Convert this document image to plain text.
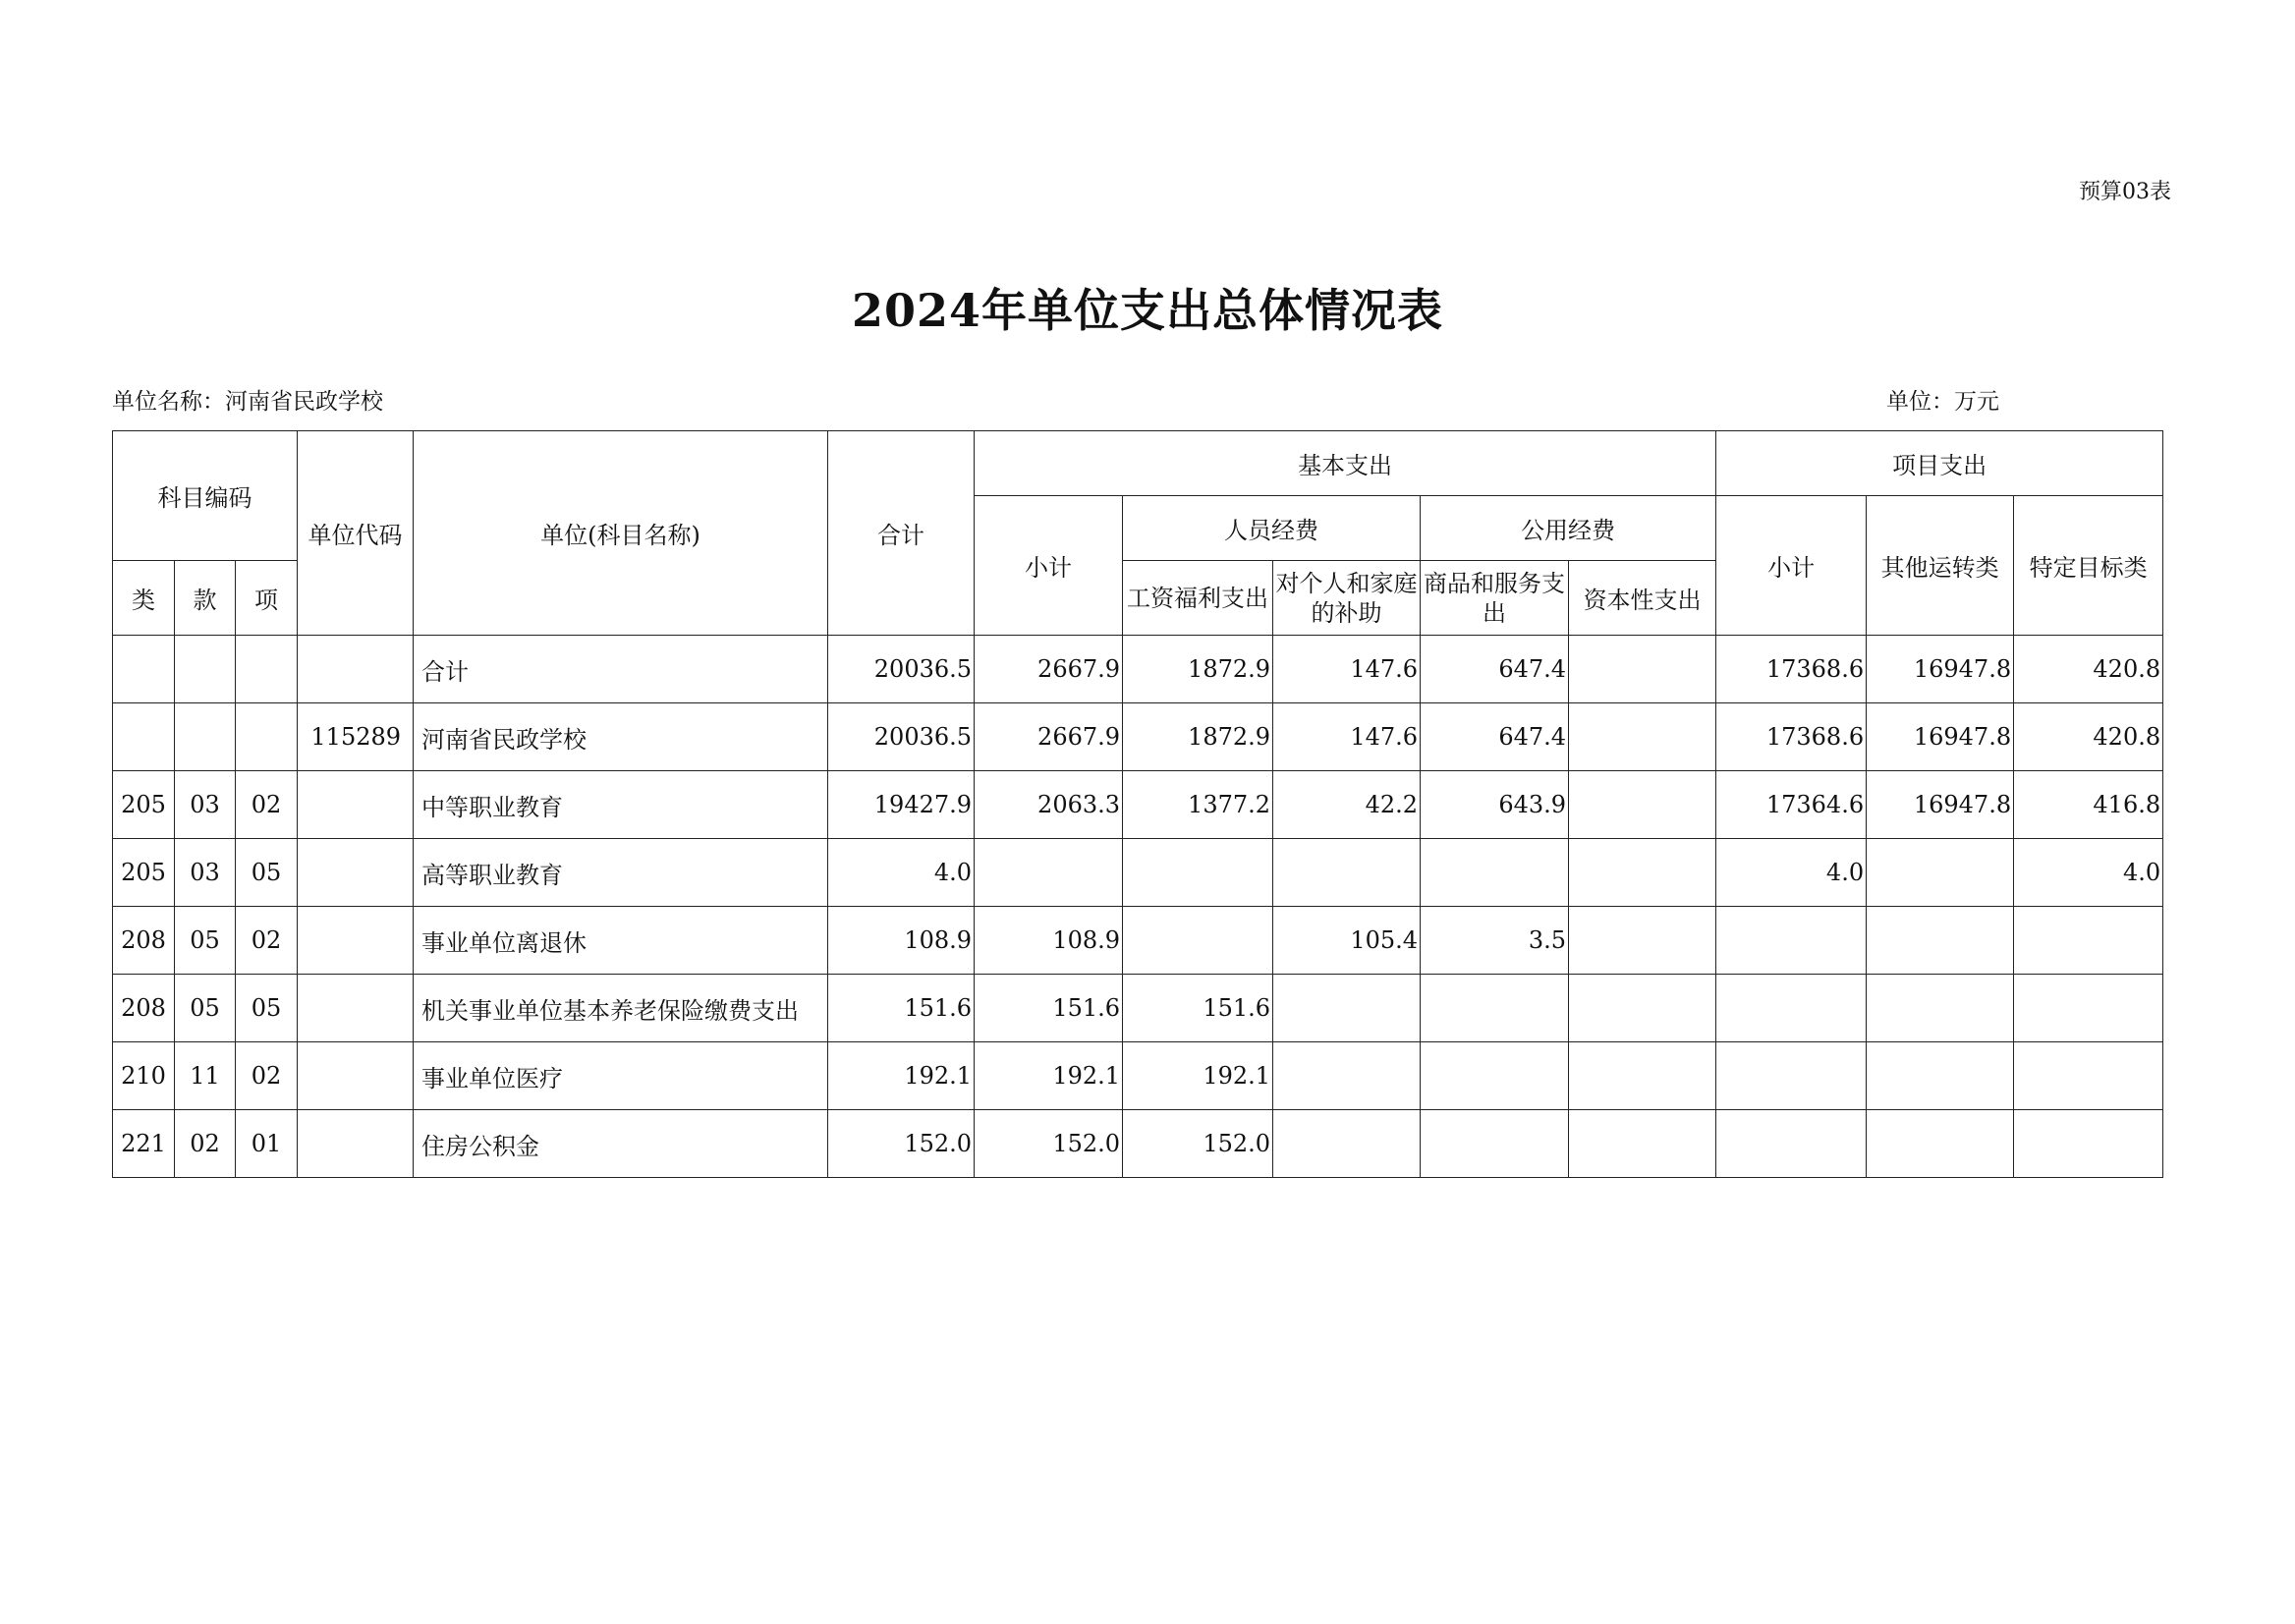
预算03表
2024年单位支出总体情况表
单位名称：河南省民政学校	单位：万元
科目编码			单位代码	单位(科目名称)	合计	基本支出					项目支出		
						小计	人员经费		公用经费		小计	其他运转类	特定目标类
类	款	项					工资福利支出	对个人和家庭的补助	商品和服务支出	资本性支出			
				合计	20036.5	2667.9	1872.9	147.6	647.4		17368.6	16947.8	420.8
			115289	河南省民政学校	20036.5	2667.9	1872.9	147.6	647.4		17368.6	16947.8	420.8
205	03	02		中等职业教育	19427.9	2063.3	1377.2	42.2	643.9		17364.6	16947.8	416.8
205	03	05		高等职业教育	4.0						4.0		4.0
208	05	02		事业单位离退休	108.9	108.9		105.4	3.5				
208	05	05		机关事业单位基本养老保险缴费支出	151.6	151.6	151.6						
210	11	02		事业单位医疗	192.1	192.1	192.1						
221	02	01		住房公积金	152.0	152.0	152.0						
